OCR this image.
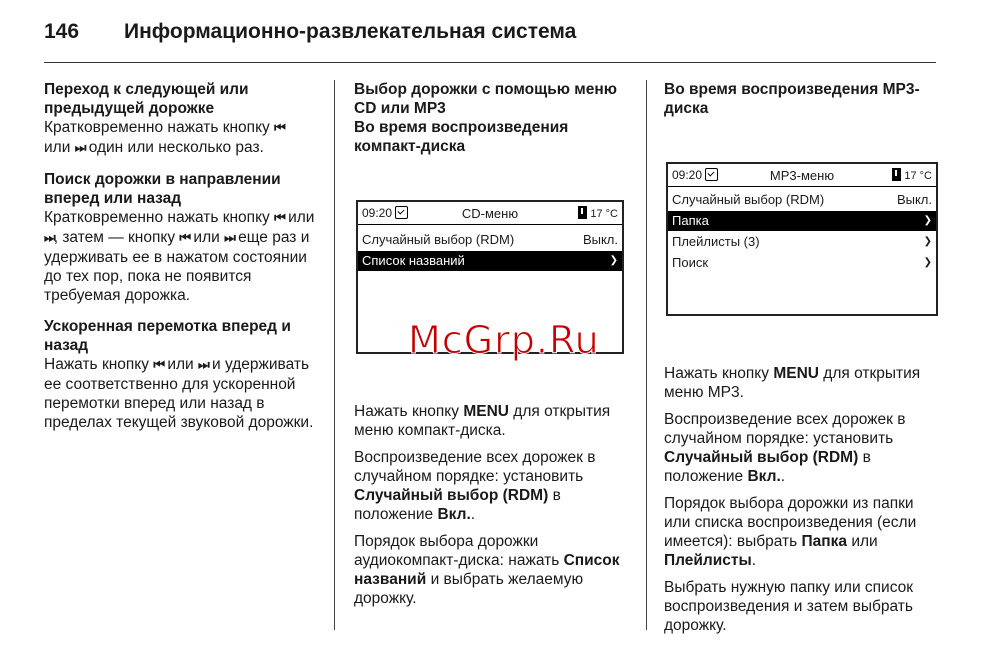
146 Информационно-развлекательная система

Переход к следующей или предыдущей дорожке

Кратковременно нажать кнопку ⏮
или ⏭ один или несколько раз.

Поиск дорожки в направлении вперед или назад

Кратковременно нажать кнопку ⏮ или ⏭, затем — кнопку ⏮ или ⏭ еще раз и удерживать ее в нажатом состоянии до тех пор, пока не появится требуемая дорожка.

Ускоренная перемотка вперед и назад

Нажать кнопку ⏮ или ⏭ и удерживать ее соответственно для ускоренной перемотки вперед или назад в пределах текущей звуковой дорожки.

Выбор дорожки с помощью меню CD или MP3

Во время воспроизведения компакт-диска

09:20	CD-меню	17 °C
Случайный выбор (RDM)	Выкл.
Список названий	❯

Нажать кнопку MENU для открытия меню компакт-диска.

Воспроизведение всех дорожек в случайном порядке: установить Случайный выбор (RDM) в положение Вкл..

Порядок выбора дорожки аудиокомпакт-диска: нажать Список названий и выбрать желаемую дорожку.

Во время воспроизведения MP3-диска

09:20	MP3-меню	17 °C
Случайный выбор (RDM)	Выкл.
Папка	❯
Плейлисты (3)	❯
Поиск	❯

Нажать кнопку MENU для открытия меню MP3.

Воспроизведение всех дорожек в случайном порядке: установить Случайный выбор (RDM) в положение Вкл..

Порядок выбора дорожки из папки или списка воспроизведения (если имеется): выбрать Папка или Плейлисты.

Выбрать нужную папку или список воспроизведения и затем выбрать дорожку.

McGrp.Ru
